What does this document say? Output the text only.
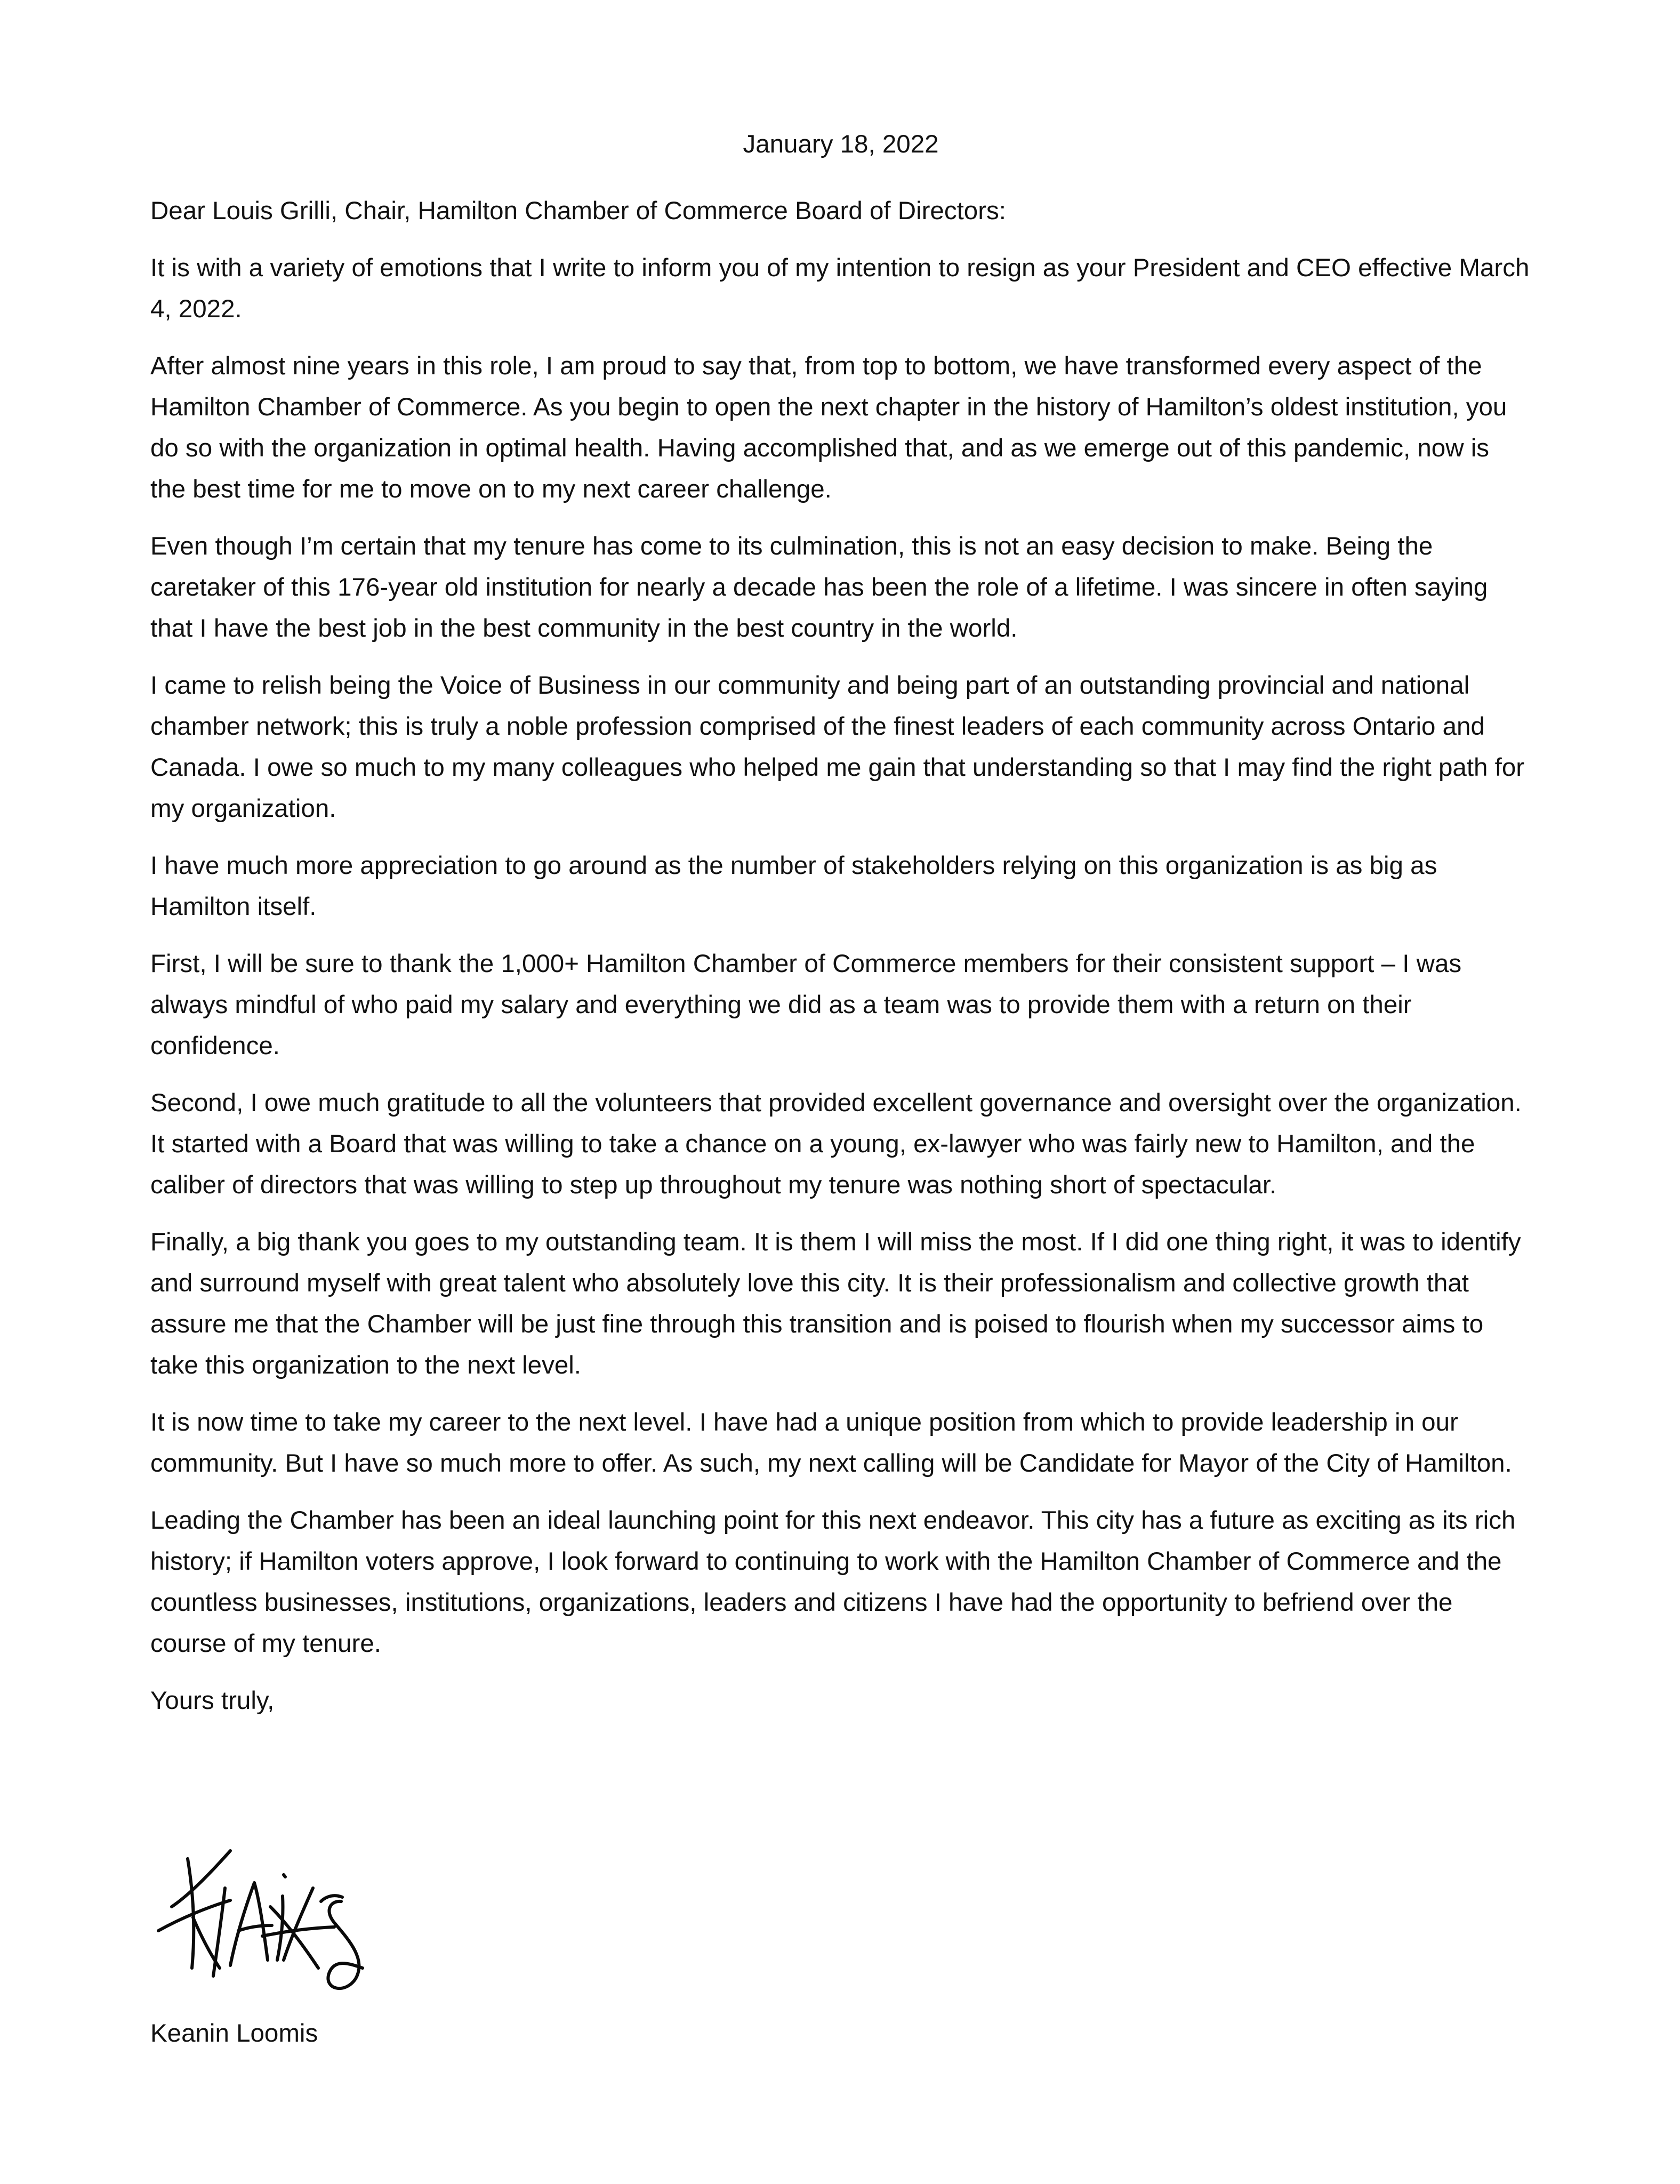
January 18, 2022

Dear Louis Grilli, Chair, Hamilton Chamber of Commerce Board of Directors:

It is with a variety of emotions that I write to inform you of my intention to resign as your President and CEO effective March 4, 2022.

After almost nine years in this role, I am proud to say that, from top to bottom, we have transformed every aspect of the Hamilton Chamber of Commerce. As you begin to open the next chapter in the history of Hamilton’s oldest institution, you do so with the organization in optimal health. Having accomplished that, and as we emerge out of this pandemic, now is the best time for me to move on to my next career challenge.

Even though I’m certain that my tenure has come to its culmination, this is not an easy decision to make. Being the caretaker of this 176-year old institution for nearly a decade has been the role of a lifetime. I was sincere in often saying that I have the best job in the best community in the best country in the world.

I came to relish being the Voice of Business in our community and being part of an outstanding provincial and national chamber network; this is truly a noble profession comprised of the finest leaders of each community across Ontario and Canada. I owe so much to my many colleagues who helped me gain that understanding so that I may find the right path for my organization.

I have much more appreciation to go around as the number of stakeholders relying on this organization is as big as Hamilton itself.

First, I will be sure to thank the 1,000+ Hamilton Chamber of Commerce members for their consistent support – I was always mindful of who paid my salary and everything we did as a team was to provide them with a return on their confidence.

Second, I owe much gratitude to all the volunteers that provided excellent governance and oversight over the organization. It started with a Board that was willing to take a chance on a young, ex-lawyer who was fairly new to Hamilton, and the caliber of directors that was willing to step up throughout my tenure was nothing short of spectacular.

Finally, a big thank you goes to my outstanding team. It is them I will miss the most. If I did one thing right, it was to identify and surround myself with great talent who absolutely love this city. It is their professionalism and collective growth that assure me that the Chamber will be just fine through this transition and is poised to flourish when my successor aims to take this organization to the next level.

It is now time to take my career to the next level. I have had a unique position from which to provide leadership in our community. But I have so much more to offer. As such, my next calling will be Candidate for Mayor of the City of Hamilton.

Leading the Chamber has been an ideal launching point for this next endeavor. This city has a future as exciting as its rich history; if Hamilton voters approve, I look forward to continuing to work with the Hamilton Chamber of Commerce and the countless businesses, institutions, organizations, leaders and citizens I have had the opportunity to befriend over the course of my tenure.

Yours truly,

Keanin Loomis
